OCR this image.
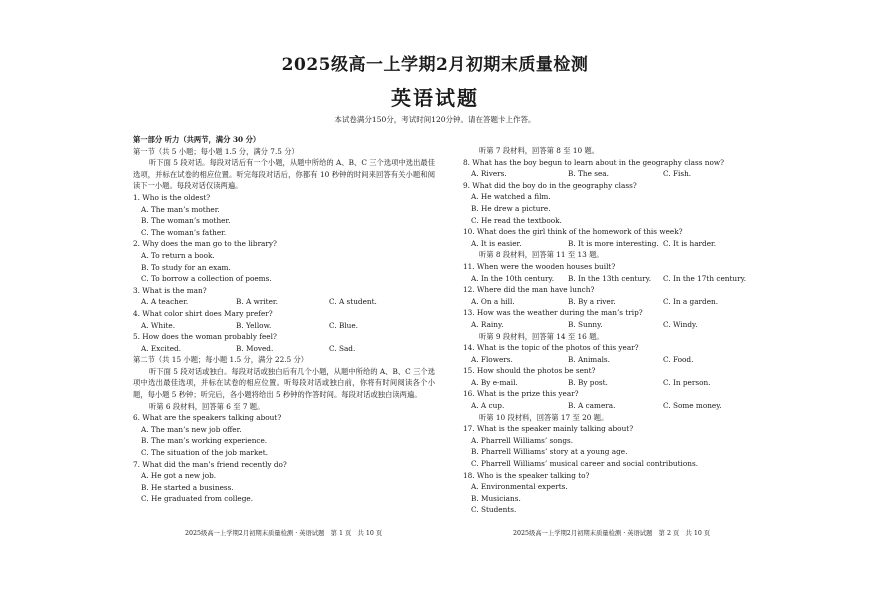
2025级高一上学期2月初期末质量检测
英语试题
本试卷满分150分，考试时间120分钟。请在答题卡上作答。
第一部分 听力（共两节，满分 30 分）
第一节（共 5 小题；每小题 1.5 分，满分 7.5 分）
听下面 5 段对话。每段对话后有一个小题，从题中所给的 A、B、C 三个选项中选出最佳选项，并标在试卷的相应位置。听完每段对话后，你都有 10 秒钟的时间来回答有关小题和阅读下一小题。每段对话仅读两遍。
1. Who is the oldest?
A. The man’s mother.
B. The woman’s mother.
C. The woman’s father.
2. Why does the man go to the library?
A. To return a book.
B. To study for an exam.
C. To borrow a collection of poems.
3. What is the man?
A. A teacher.	B. A writer.	C. A student.
4. What color shirt does Mary prefer?
A. White.	B. Yellow.	C. Blue.
5. How does the woman probably feel?
A. Excited.	B. Moved.	C. Sad.
第二节（共 15 小题；每小题 1.5 分，满分 22.5 分）
听下面 5 段对话或独白。每段对话或独白后有几个小题，从题中所给的 A、B、C 三个选项中选出最佳选项，并标在试卷的相应位置。听每段对话或独白前，你将有时间阅读各个小题，每小题 5 秒钟；听完后，各小题将给出 5 秒钟的作答时间。每段对话或独白读两遍。
听第 6 段材料，回答第 6 至 7 题。
6. What are the speakers talking about?
A. The man’s new job offer.
B. The man’s working experience.
C. The situation of the job market.
7. What did the man’s friend recently do?
A. He got a new job.
B. He started a business.
C. He graduated from college.
听第 7 段材料，回答第 8 至 10 题。
8. What has the boy begun to learn about in the geography class now?
A. Rivers.	B. The sea.	C. Fish.
9. What did the boy do in the geography class?
A. He watched a film.
B. He drew a picture.
C. He read the textbook.
10. What does the girl think of the homework of this week?
A. It is easier.	B. It is more interesting. C. It is harder.
听第 8 段材料，回答第 11 至 13 题。
11. When were the wooden houses built?
A. In the 10th century. B. In the 13th century. C. In the 17th century.
12. Where did the man have lunch?
A. On a hill.	B. By a river.	C. In a garden.
13. How was the weather during the man’s trip?
A. Rainy.	B. Sunny.	C. Windy.
听第 9 段材料，回答第 14 至 16 题。
14. What is the topic of the photos of this year?
A. Flowers.	B. Animals.	C. Food.
15. How should the photos be sent?
A. By e-mail.	B. By post.	C. In person.
16. What is the prize this year?
A. A cup.	B. A camera.	C. Some money.
听第 10 段材料，回答第 17 至 20 题。
17. What is the speaker mainly talking about?
A. Pharrell Williams’ songs.
B. Pharrell Williams’ story at a young age.
C. Pharrell Williams’ musical career and social contributions.
18. Who is the speaker talking to?
A. Environmental experts.
B. Musicians.
C. Students.
2025级高一上学期2月初期末质量检测 · 英语试题　第 1 页　共 10 页	2025级高一上学期2月初期末质量检测 · 英语试题　第 2 页　共 10 页
